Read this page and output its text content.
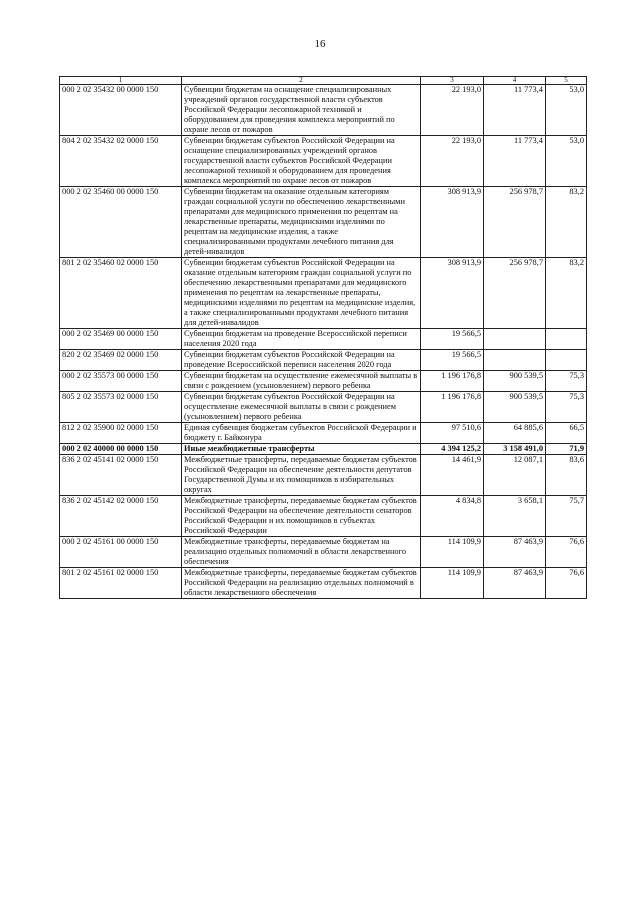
16
1	2	3	4	5
000 2 02 35432 00 0000 150	Субвенции бюджетам на оснащение специализированных учреждений органов государственной власти субъектов Российской Федерации лесопожарной техникой и оборудованием для проведения комплекса мероприятий по охране лесов от пожаров	22 193,0	11 773,4	53,0
804 2 02 35432 02 0000 150	Субвенции бюджетам субъектов Российской Федерации на оснащение специализированных учреждений органов государственной власти субъектов Российской Федерации лесопожарной техникой и оборудованием для проведения комплекса мероприятий по охране лесов от пожаров	22 193,0	11 773,4	53,0
000 2 02 35460 00 0000 150	Субвенции бюджетам на оказание отдельным категориям граждан социальной услуги по обеспечению лекарственными препаратами для медицинского применения по рецептам на лекарственные препараты, медицинскими изделиями по рецептам на медицинские изделия, а также специализированными продуктами лечебного питания для детей-инвалидов	308 913,9	256 978,7	83,2
801 2 02 35460 02 0000 150	Субвенции бюджетам субъектов Российской Федерации на оказание отдельным категориям граждан социальной услуги по обеспечению лекарственными препаратами для медицинского применения по рецептам на лекарственные препараты, медицинскими изделиями по рецептам на медицинские изделия, а также специализированными продуктами лечебного питания для детей-инвалидов	308 913,9	256 978,7	83,2
000 2 02 35469 00 0000 150	Субвенции бюджетам на проведение Всероссийской переписи населения 2020 года	19 566,5		
820 2 02 35469 02 0000 150	Субвенции бюджетам субъектов Российской Федерации на проведение Всероссийской переписи населения 2020 года	19 566,5		
000 2 02 35573 00 0000 150	Субвенции бюджетам на осуществление ежемесячной выплаты в связи с рождением (усыновлением) первого ребенка	1 196 176,8	900 539,5	75,3
805 2 02 35573 02 0000 150	Субвенции бюджетам субъектов Российской Федерации на осуществление ежемесячной выплаты в связи с рождением (усыновлением) первого ребенка	1 196 176,8	900 539,5	75,3
812 2 02 35900 02 0000 150	Единая субвенция бюджетам субъектов Российской Федерации и бюджету г. Байконура	97 510,6	64 885,6	66,5
000 2 02 40000 00 0000 150	Иные межбюджетные трансферты	4 394 125,2	3 158 491,0	71,9
836 2 02 45141 02 0000 150	Межбюджетные трансферты, передаваемые бюджетам субъектов Российской Федерации на обеспечение деятельности депутатов Государственной Думы и их помощников в избирательных округах	14 461,9	12 087,1	83,6
836 2 02 45142 02 0000 150	Межбюджетные трансферты, передаваемые бюджетам субъектов Российской Федерации на обеспечение деятельности сенаторов Российской Федерации и их помощников в субъектах Российской Федерации	4 834,8	3 658,1	75,7
000 2 02 45161 00 0000 150	Межбюджетные трансферты, передаваемые бюджетам на реализацию отдельных полномочий в области лекарственного обеспечения	114 109,9	87 463,9	76,6
801 2 02 45161 02 0000 150	Межбюджетные трансферты, передаваемые бюджетам субъектов Российской Федерации на реализацию отдельных полномочий в области лекарственного обеспечения	114 109,9	87 463,9	76,6
